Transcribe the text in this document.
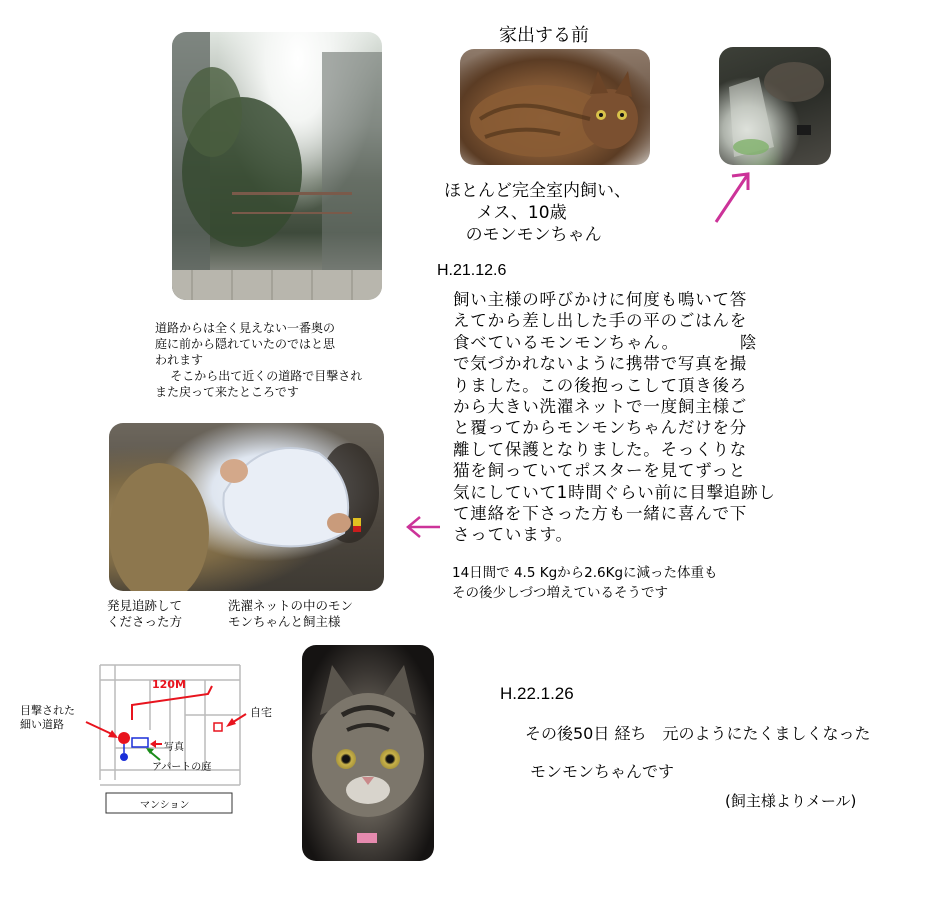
道路からは全く見えない一番奥の
庭に前から隠れていたのではと思
われます
そこから出て近くの道路で目撃され
また戻って来たところです
家出する前
ほとんど完全室内飼い、
メス、10歳
のモンモンちゃん
H.21.12.6
飼い主様の呼びかけに何度も鳴いて答
えてから差し出した手の平のごはんを
食べているモンモンちゃん。　　　　陰
で気づかれないように携帯で写真を撮
りました。この後抱っこして頂き後ろ
から大きい洗濯ネットで一度飼主様ご
と覆ってからモンモンちゃんだけを分
離して保護となりました。そっくりな
猫を飼っていてポスターを見てずっと
気にしていて1時間ぐらい前に目撃追跡し
て連絡を下さった方も一緒に喜んで下
さっています。
14日間で 4.5 Kgから2.6Kgに減った体重も
その後少しづつ増えているそうです
発見追跡して
くださった方
洗濯ネットの中のモン
モンちゃんと飼主様
120M
目撃された
細い道路
自宅
写真
アパートの庭
マンション
H.22.1.26
その後50日 経ち　元のようにたくましくなった
モンモンちゃんです
(飼主様よりメール)
